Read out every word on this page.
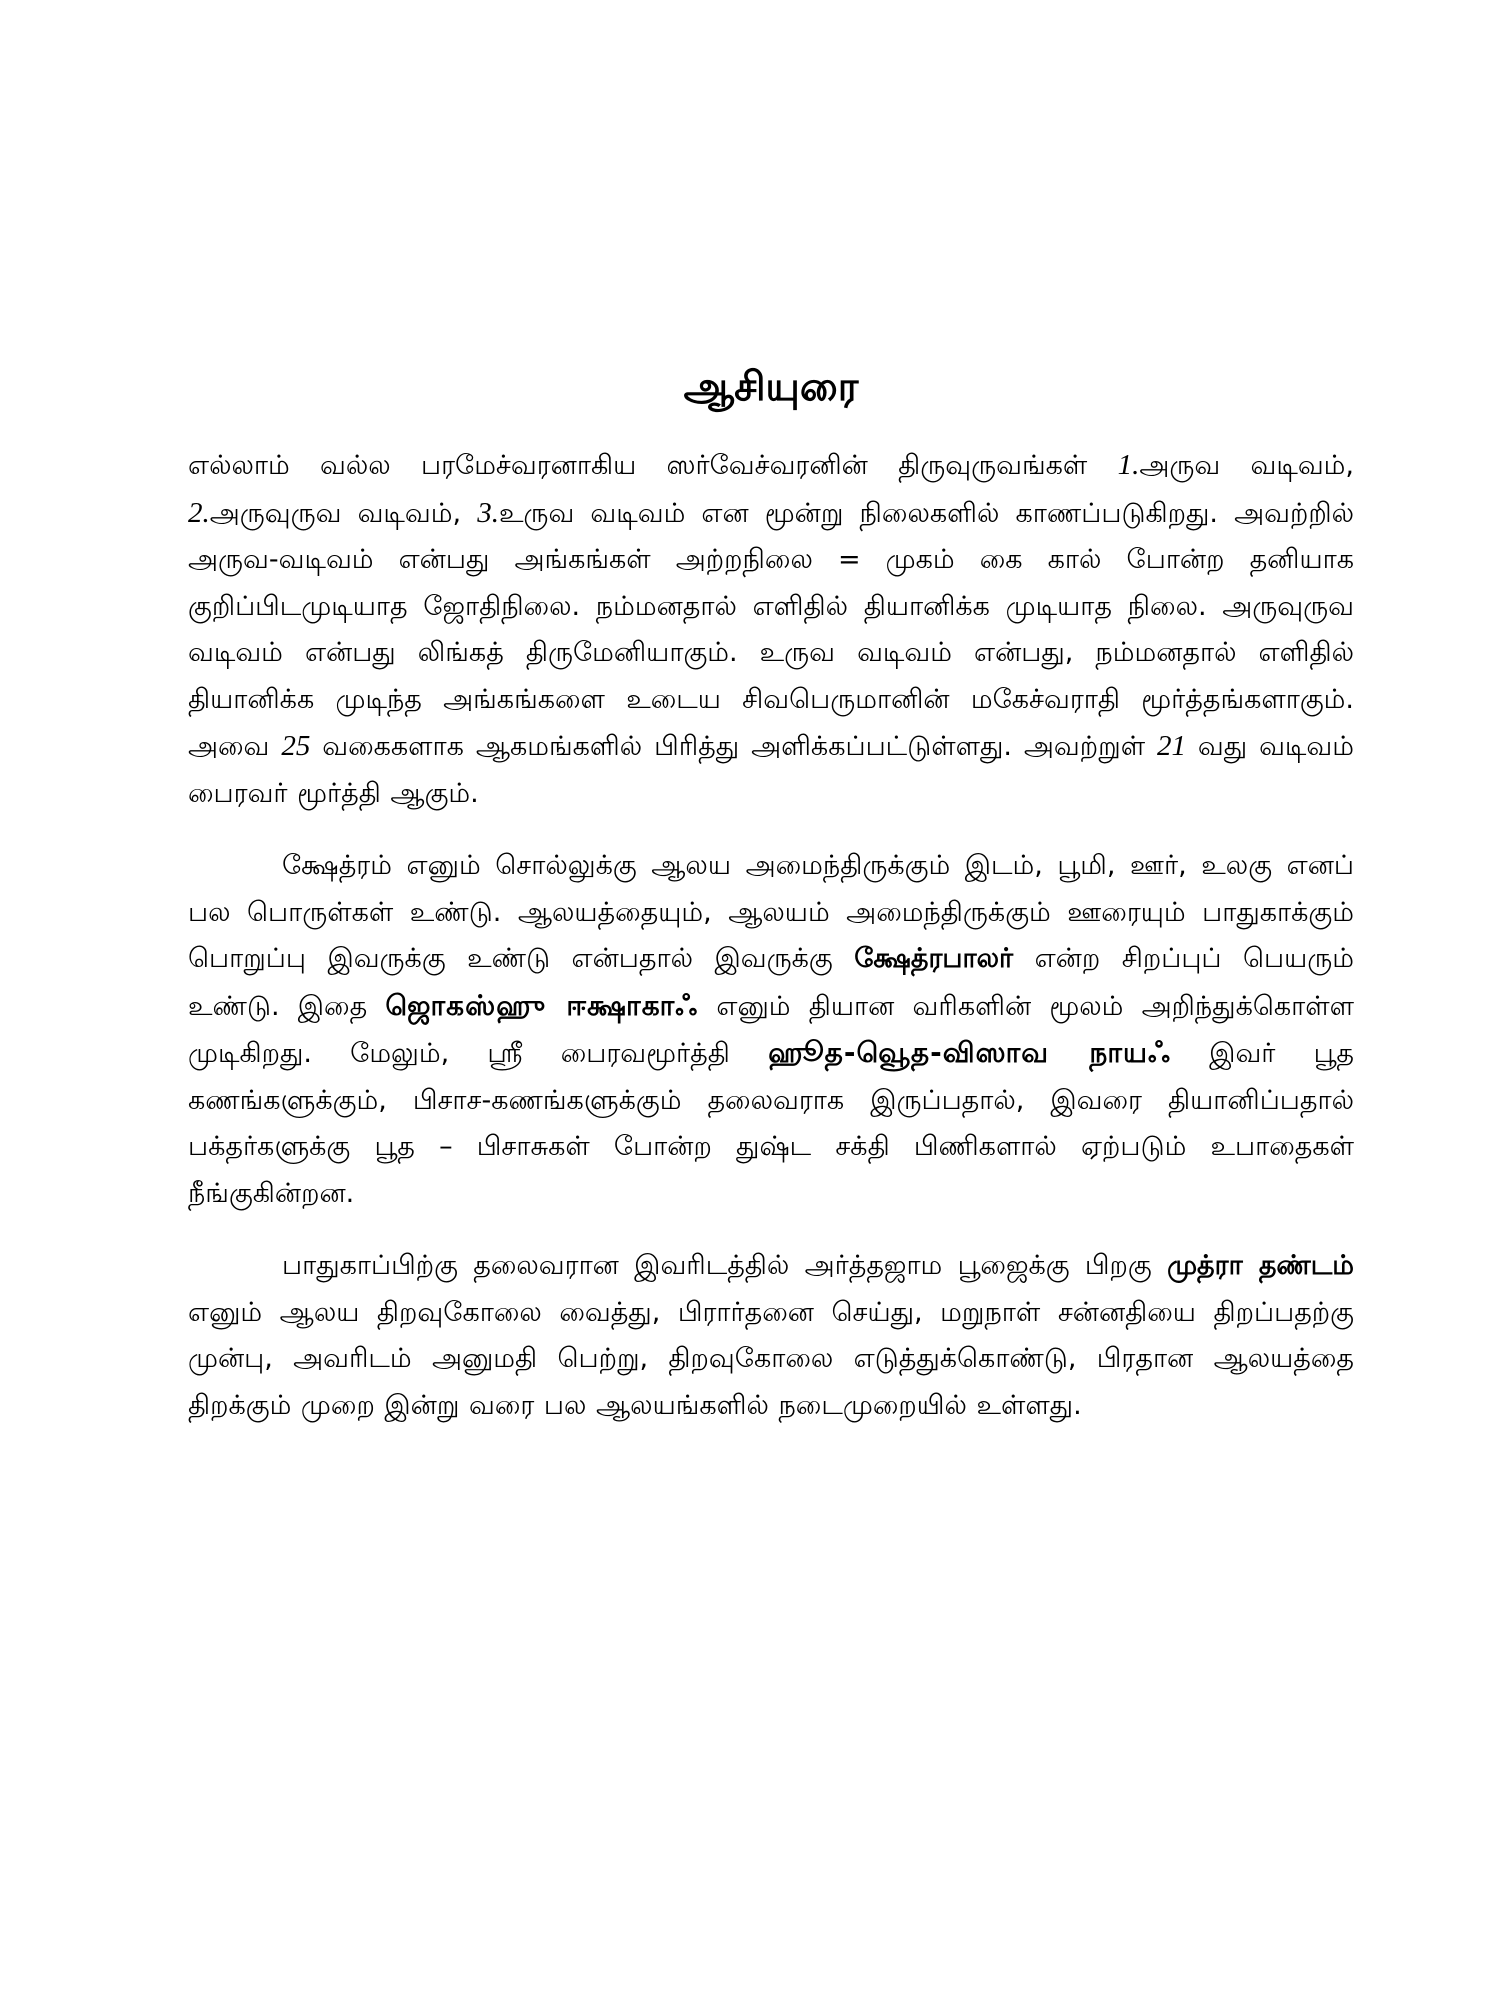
ஆசியுரை

எல்லாம் வல்ல பரமேச்வரனாகிய ஸர்வேச்வரனின் திருவுருவங்கள் 1.அருவ வடிவம், 2.அருவுருவ வடிவம், 3.உருவ வடிவம் என மூன்று நிலைகளில் காணப்படுகிறது. அவற்றில் அருவ-வடிவம் என்பது அங்கங்கள் அற்றநிலை = முகம் கை கால் போன்ற தனியாக குறிப்பிடமுடியாத ஜோதிநிலை. நம்மனதால் எளிதில் தியானிக்க முடியாத நிலை. அருவுருவ வடிவம் என்பது லிங்கத் திருமேனியாகும். உருவ வடிவம் என்பது, நம்மனதால் எளிதில் தியானிக்க முடிந்த அங்கங்களை உடைய சிவபெருமானின் மகேச்வராதி மூர்த்தங்களாகும். அவை 25 வகைகளாக ஆகமங்களில் பிரித்து அளிக்கப்பட்டுள்ளது. அவற்றுள் 21 வது வடிவம் பைரவர் மூர்த்தி ஆகும்.

க்ஷேத்ரம் எனும் சொல்லுக்கு ஆலய அமைந்திருக்கும் இடம், பூமி, ஊர், உலகு எனப் பல பொருள்கள் உண்டு. ஆலயத்தையும், ஆலயம் அமைந்திருக்கும் ஊரையும் பாதுகாக்கும் பொறுப்பு இவருக்கு உண்டு என்பதால் இவருக்கு க்ஷேத்ரபாலர் என்ற சிறப்புப் பெயரும் உண்டு. இதை ஜொகஸ்ஹு ஈக்ஷாகாஃ எனும் தியான வரிகளின் மூலம் அறிந்துக்கொள்ள முடிகிறது. மேலும், ஸ்ரீ பைரவமூர்த்தி ஹூத-வெூத-விஸாவ நாயஃ இவர் பூத கணங்களுக்கும், பிசாச-கணங்களுக்கும் தலைவராக இருப்பதால், இவரை தியானிப்பதால் பக்தர்களுக்கு பூத – பிசாசுகள் போன்ற துஷ்ட சக்தி பிணிகளால் ஏற்படும் உபாதைகள் நீங்குகின்றன.

பாதுகாப்பிற்கு தலைவரான இவரிடத்தில் அர்த்தஜாம பூஜைக்கு பிறகு முத்ரா தண்டம் எனும் ஆலய திறவுகோலை வைத்து, பிரார்தனை செய்து, மறுநாள் சன்னதியை திறப்பதற்கு முன்பு, அவரிடம் அனுமதி பெற்று, திறவுகோலை எடுத்துக்கொண்டு, பிரதான ஆலயத்தை திறக்கும் முறை இன்று வரை பல ஆலயங்களில் நடைமுறையில் உள்ளது.
